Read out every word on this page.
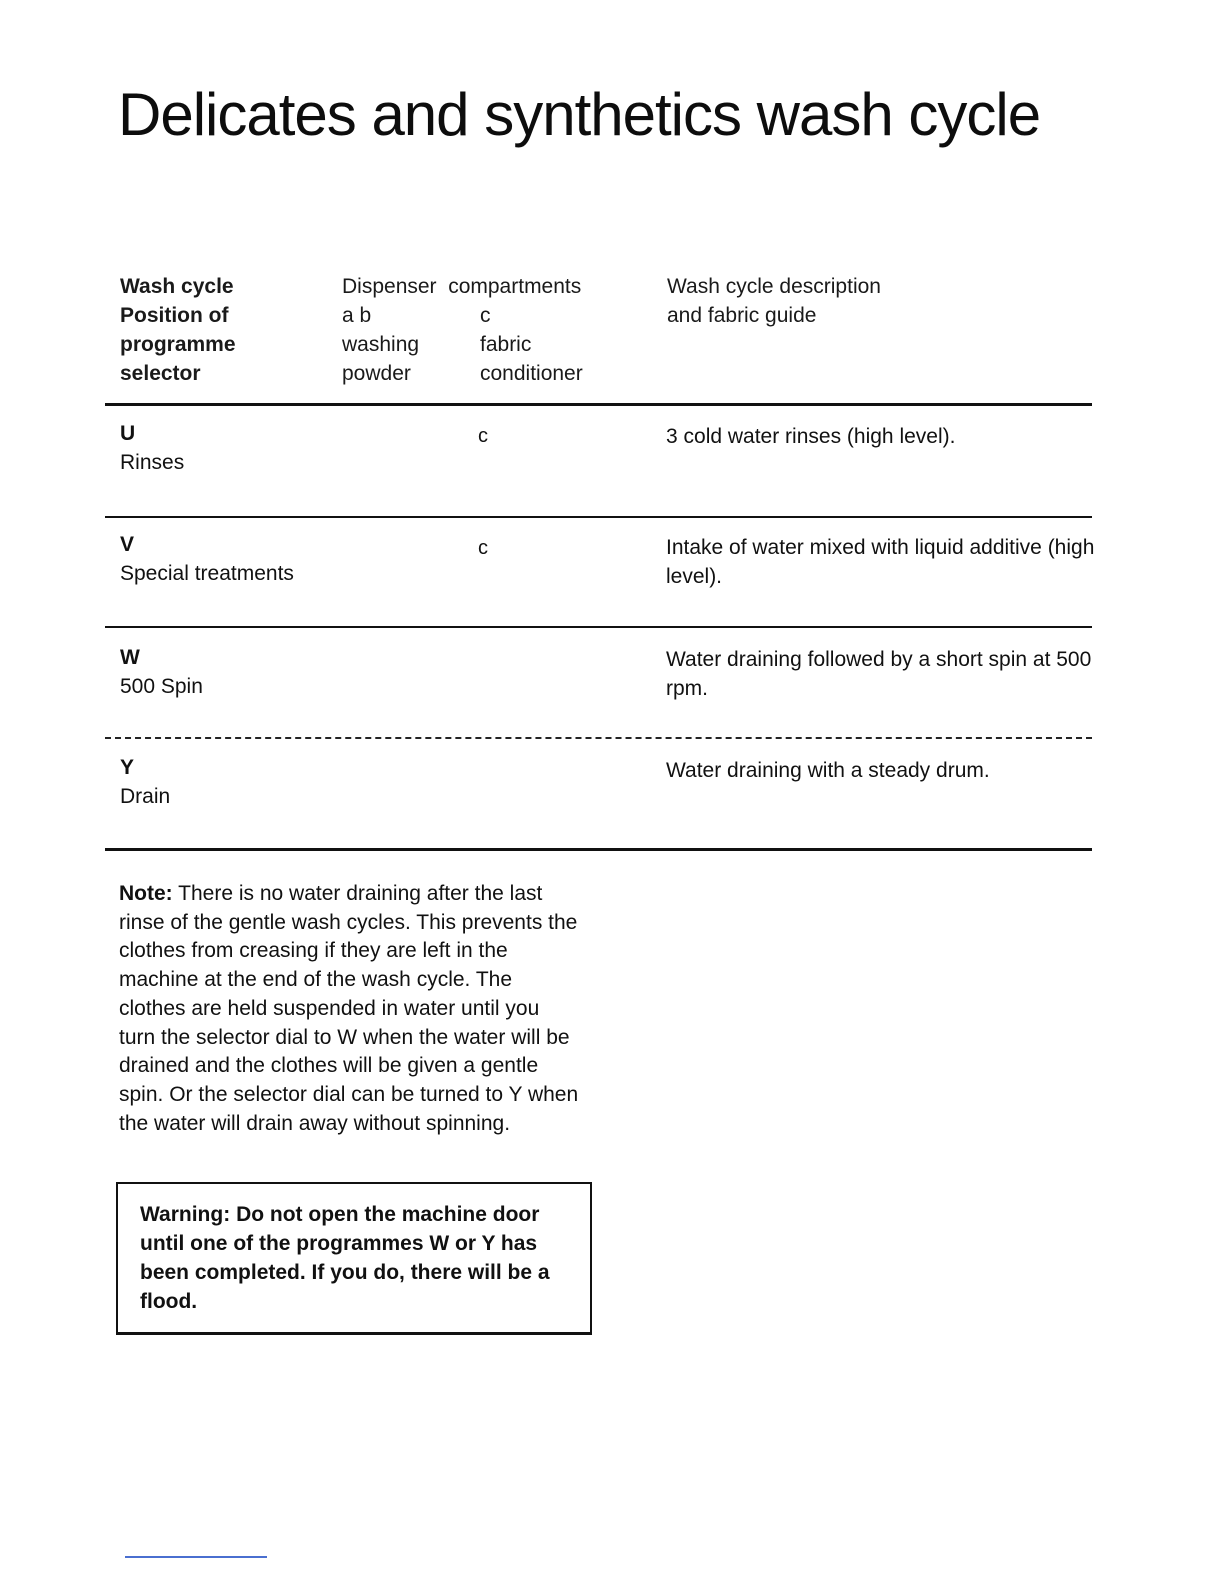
Delicates and synthetics wash cycle
Wash cycle
Position of
programme
selector
Dispenser  compartments
a b
washing
powder
c
fabric
conditioner
Wash cycle description
and fabric guide
U
Rinses
c	3 cold water rinses (high level).
V
Special treatments
c	Intake of water mixed with liquid additive (high level).
W
500 Spin
Water draining followed by a short spin at 500 rpm.
Y
Drain
Water draining with a steady drum.
Note: There is no water draining after the last rinse of the gentle wash cycles. This prevents the clothes from creasing if they are left in the machine at the end of the wash cycle. The clothes are held suspended in water until you turn the selector dial to W when the water will be drained and the clothes will be given a gentle spin. Or the selector dial can be turned to Y when the water will drain away without spinning.
Warning: Do not open the machine door until one of the programmes W or Y has been completed. If you do, there will be a flood.
